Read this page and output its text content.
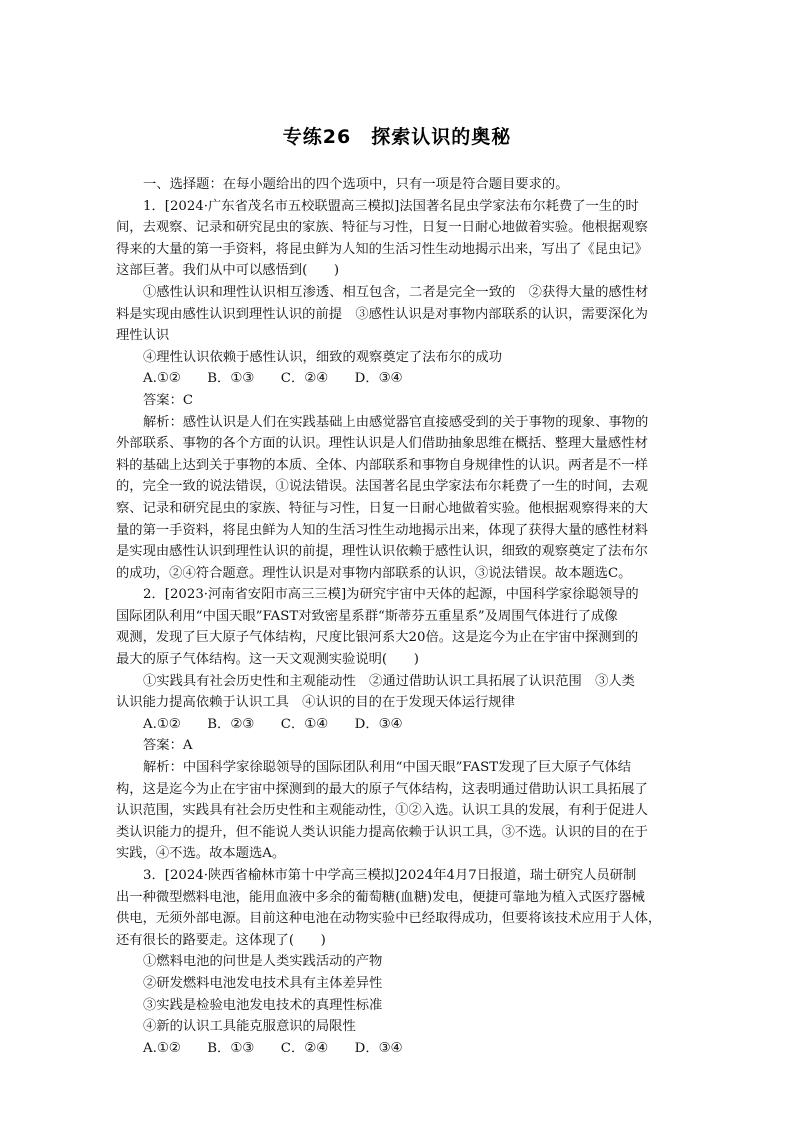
专练26　探索认识的奥秘
一、选择题：在每小题给出的四个选项中，只有一项是符合题目要求的。
1．[2024·广东省茂名市五校联盟高三模拟]法国著名昆虫学家法布尔耗费了一生的时
间，去观察、记录和研究昆虫的家族、特征与习性，日复一日耐心地做着实验。他根据观察
得来的大量的第一手资料，将昆虫鲜为人知的生活习性生动地揭示出来，写出了《昆虫记》
这部巨著。我们从中可以感悟到(　　)
①感性认识和理性认识相互渗透、相互包含，二者是完全一致的　②获得大量的感性材
料是实现由感性认识到理性认识的前提　③感性认识是对事物内部联系的认识，需要深化为
理性认识
④理性认识依赖于感性认识，细致的观察奠定了法布尔的成功
A.①②　　B．①③　　C．②④　　D．③④
答案：C
解析：感性认识是人们在实践基础上由感觉器官直接感受到的关于事物的现象、事物的
外部联系、事物的各个方面的认识。理性认识是人们借助抽象思维在概括、整理大量感性材
料的基础上达到关于事物的本质、全体、内部联系和事物自身规律性的认识。两者是不一样
的，完全一致的说法错误，①说法错误。法国著名昆虫学家法布尔耗费了一生的时间，去观
察、记录和研究昆虫的家族、特征与习性，日复一日耐心地做着实验。他根据观察得来的大
量的第一手资料，将昆虫鲜为人知的生活习性生动地揭示出来，体现了获得大量的感性材料
是实现由感性认识到理性认识的前提，理性认识依赖于感性认识，细致的观察奠定了法布尔
的成功，②④符合题意。理性认识是对事物内部联系的认识，③说法错误。故本题选C。
2．[2023·河南省安阳市高三三模]为研究宇宙中天体的起源，中国科学家徐聪领导的
国际团队利用“中国天眼”FAST对致密星系群“斯蒂芬五重星系”及周围气体进行了成像
观测，发现了巨大原子气体结构，尺度比银河系大20倍。这是迄今为止在宇宙中探测到的
最大的原子气体结构。这一天文观测实验说明(　　)
①实践具有社会历史性和主观能动性　②通过借助认识工具拓展了认识范围　③人类
认识能力提高依赖于认识工具　④认识的目的在于发现天体运行规律
A.①②　　B．②③　　C．①④　　D．③④
答案：A
解析：中国科学家徐聪领导的国际团队利用“中国天眼”FAST发现了巨大原子气体结
构，这是迄今为止在宇宙中探测到的最大的原子气体结构，这表明通过借助认识工具拓展了
认识范围，实践具有社会历史性和主观能动性，①②入选。认识工具的发展，有利于促进人
类认识能力的提升，但不能说人类认识能力提高依赖于认识工具，③不选。认识的目的在于
实践，④不选。故本题选A。
3．[2024·陕西省榆林市第十中学高三模拟]2024年4月7日报道，瑞士研究人员研制
出一种微型燃料电池，能用血液中多余的葡萄糖(血糖)发电，便捷可靠地为植入式医疗器械
供电，无须外部电源。目前这种电池在动物实验中已经取得成功，但要将该技术应用于人体，
还有很长的路要走。这体现了(　　)
①燃料电池的问世是人类实践活动的产物
②研发燃料电池发电技术具有主体差异性
③实践是检验电池发电技术的真理性标准
④新的认识工具能克服意识的局限性
A.①②　　B．①③　　C．②④　　D．③④
